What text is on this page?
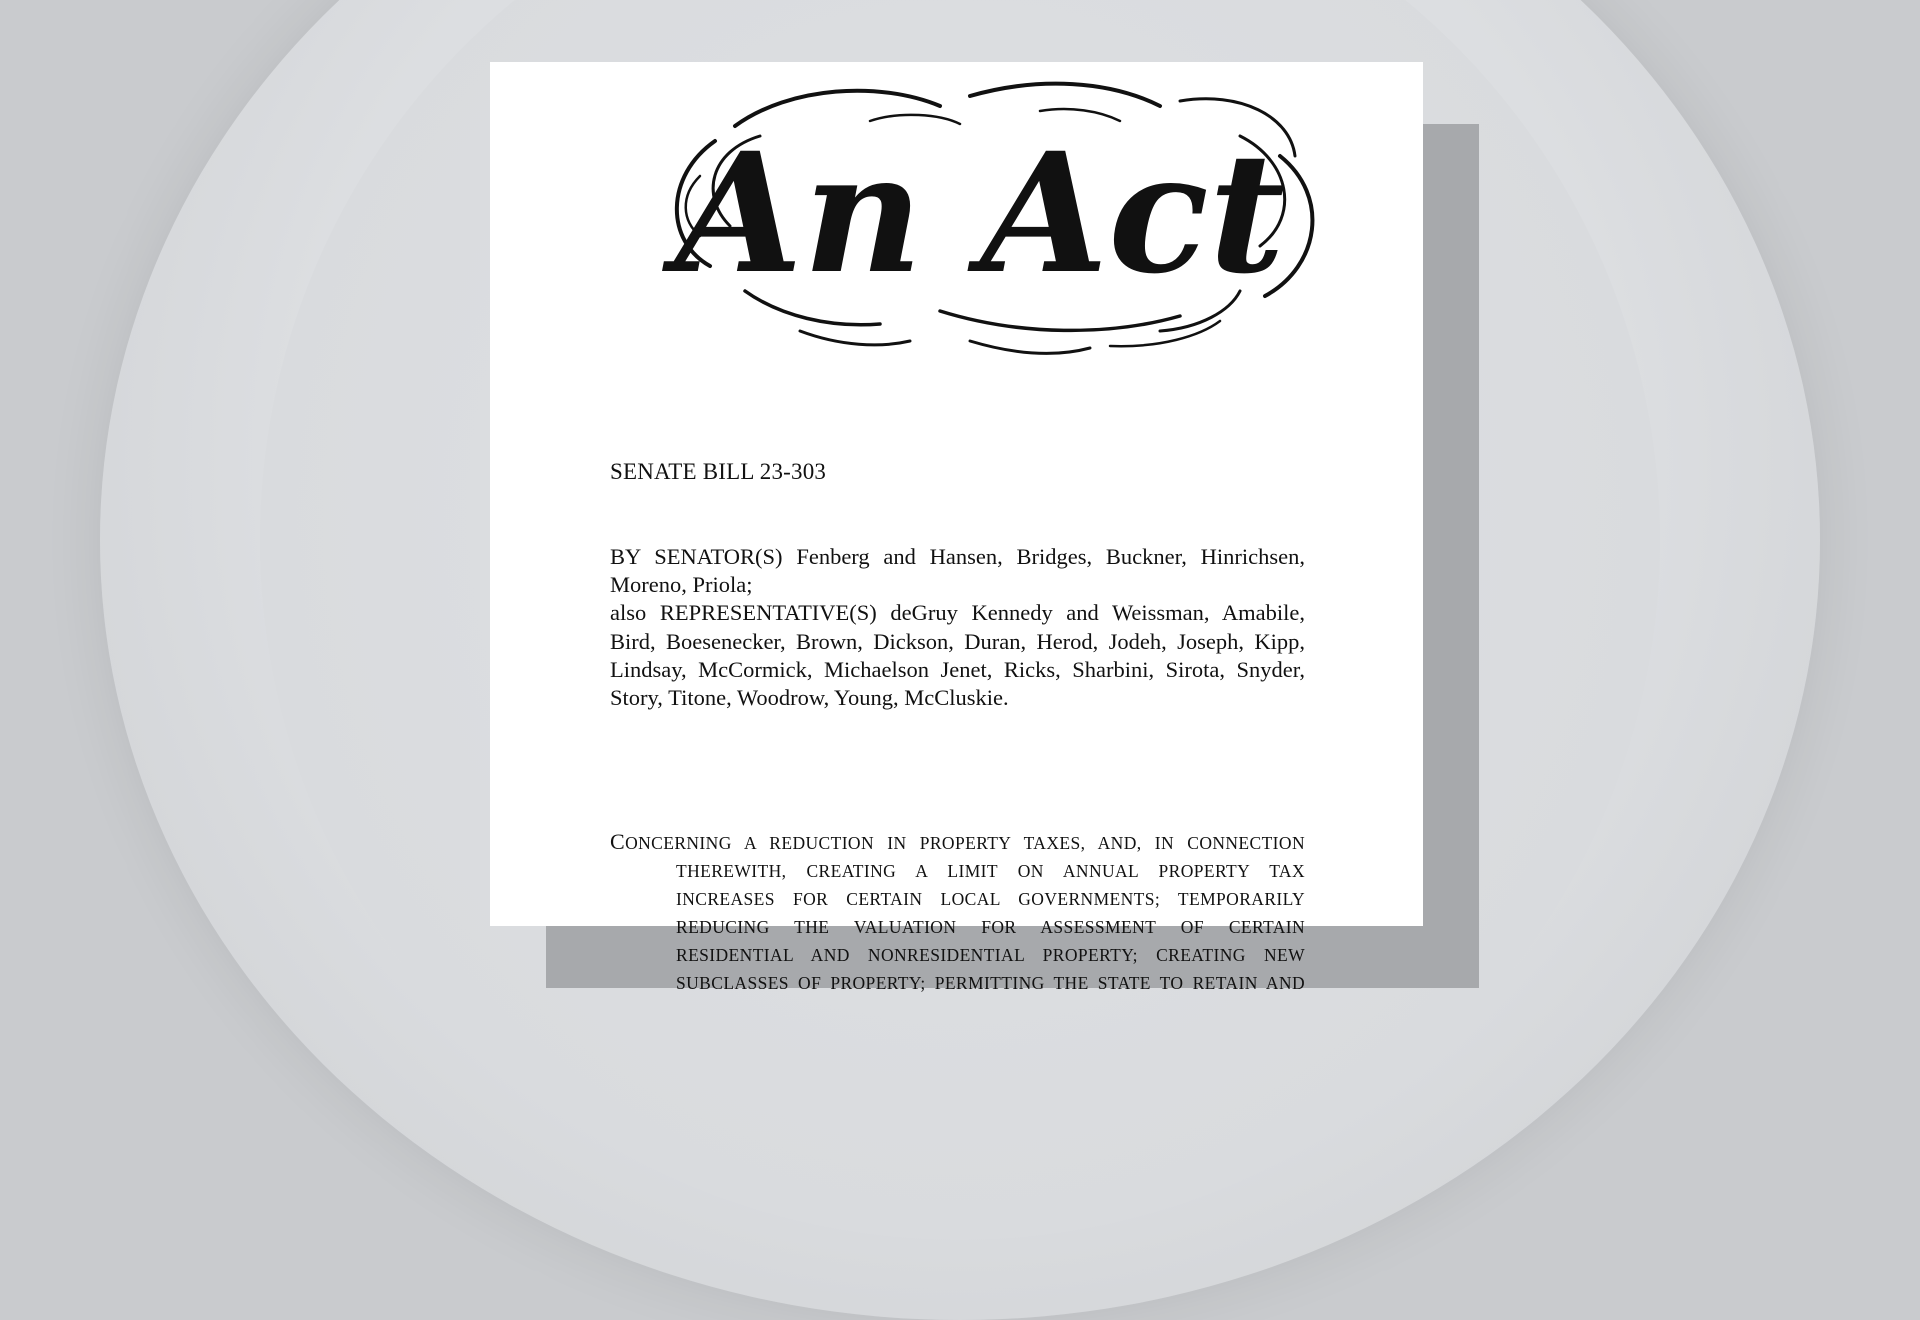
An Act
SENATE BILL 23-303

BY SENATOR(S) Fenberg and Hansen, Bridges, Buckner, Hinrichsen, Moreno, Priola;

also REPRESENTATIVE(S) deGruy Kennedy and Weissman, Amabile, Bird, Boesenecker, Brown, Dickson, Duran, Herod, Jodeh, Joseph, Kipp, Lindsay, McCormick, Michaelson Jenet, Ricks, Sharbini, Sirota, Snyder, Story, Titone, Woodrow, Young, McCluskie.

CONCERNING A REDUCTION IN PROPERTY TAXES, AND, IN CONNECTION
THEREWITH, CREATING A LIMIT ON ANNUAL PROPERTY TAX
INCREASES FOR CERTAIN LOCAL GOVERNMENTS; TEMPORARILY
REDUCING THE VALUATION FOR ASSESSMENT OF CERTAIN
RESIDENTIAL AND NONRESIDENTIAL PROPERTY; CREATING NEW
SUBCLASSES OF PROPERTY; PERMITTING THE STATE TO RETAIN AND
